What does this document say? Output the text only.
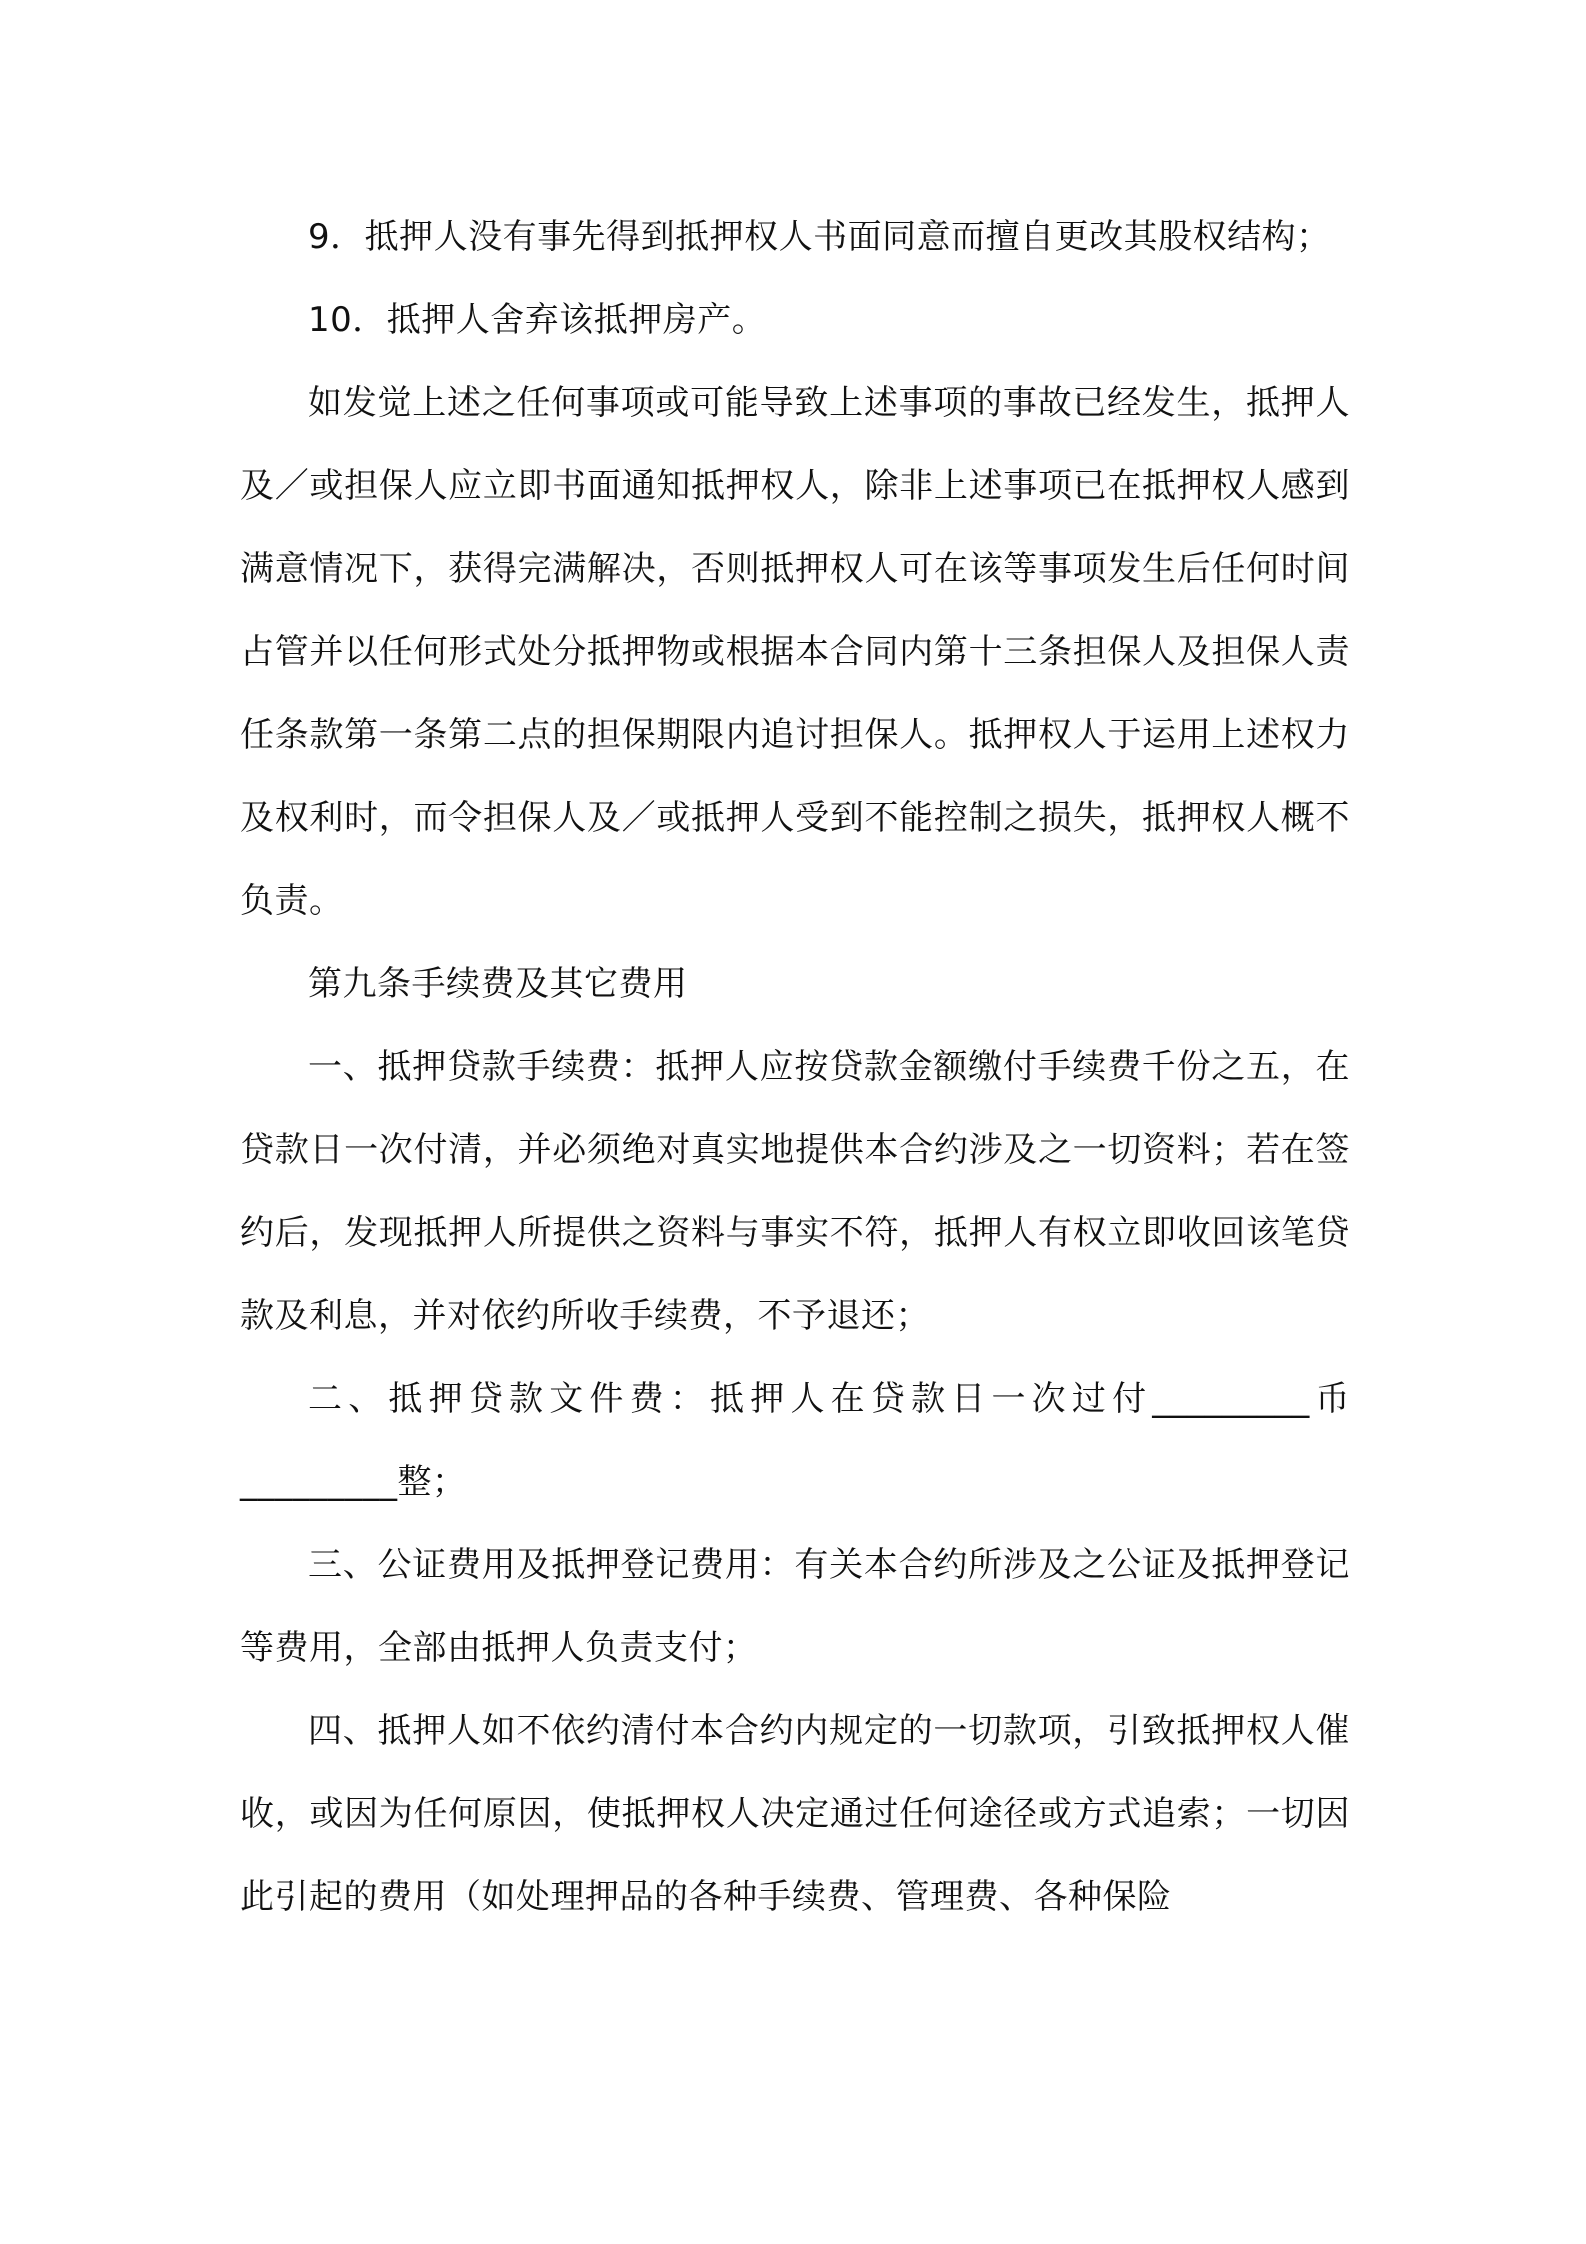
9．抵押人没有事先得到抵押权人书面同意而擅自更改其股权结构；

10．抵押人舍弃该抵押房产。

如发觉上述之任何事项或可能导致上述事项的事故已经发生，抵押人及／或担保人应立即书面通知抵押权人，除非上述事项已在抵押权人感到满意情况下，获得完满解决，否则抵押权人可在该等事项发生后任何时间占管并以任何形式处分抵押物或根据本合同内第十三条担保人及担保人责任条款第一条第二点的担保期限内追讨担保人。抵押权人于运用上述权力及权利时，而令担保人及／或抵押人受到不能控制之损失，抵押权人概不负责。

第九条手续费及其它费用

一、抵押贷款手续费：抵押人应按贷款金额缴付手续费千份之五，在贷款日一次付清，并必须绝对真实地提供本合约涉及之一切资料；若在签约后，发现抵押人所提供之资料与事实不符，抵押人有权立即收回该笔贷款及利息，并对依约所收手续费，不予退还；

二、抵押贷款文件费：抵押人在贷款日一次过付_________币_________整；

三、公证费用及抵押登记费用：有关本合约所涉及之公证及抵押登记等费用，全部由抵押人负责支付；

四、抵押人如不依约清付本合约内规定的一切款项，引致抵押权人催收，或因为任何原因，使抵押权人决定通过任何途径或方式追索；一切因此引起的费用（如处理押品的各种手续费、管理费、各种保险
